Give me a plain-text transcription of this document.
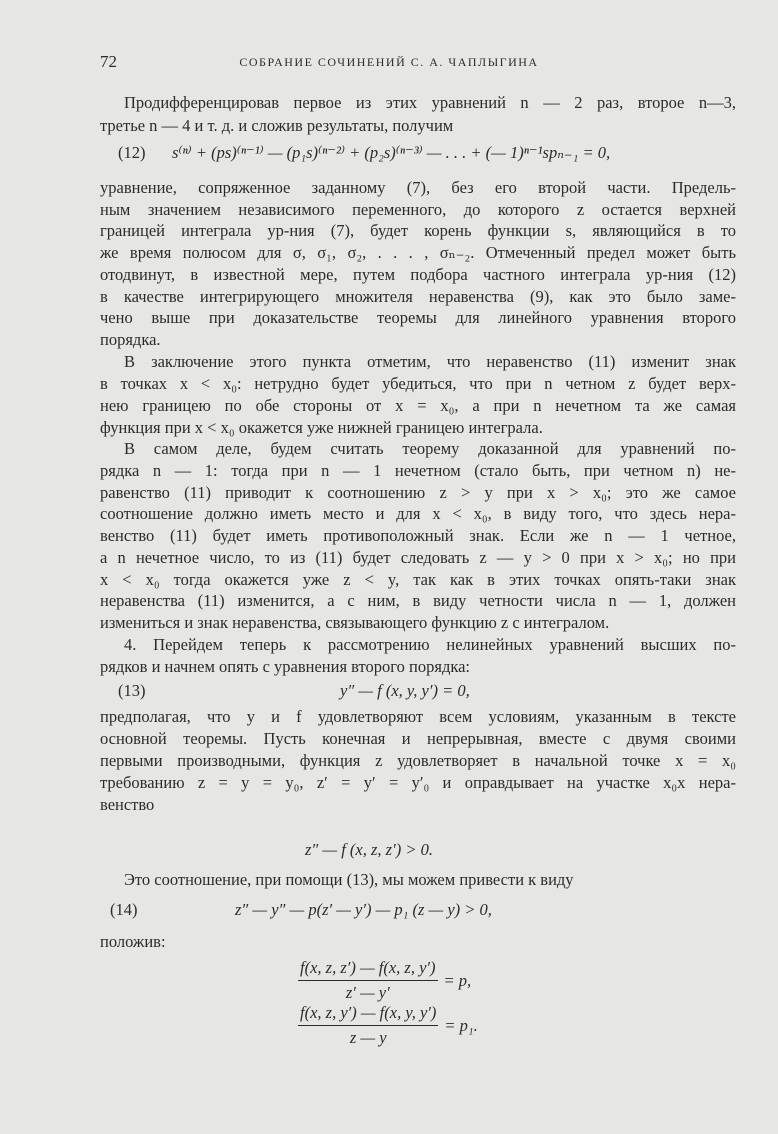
72	СОБРАНИЕ СОЧИНЕНИЙ С. А. ЧАПЛЫГИНА
Продифференцировав первое из этих уравнений n — 2 раз, второе n—3,
третье n — 4 и т. д. и сложив результаты, получим
(12) s⁽ⁿ⁾ + (ps)⁽ⁿ⁻¹⁾ — (p₁s)⁽ⁿ⁻²⁾ + (p₂s)⁽ⁿ⁻³⁾ — . . . + (— 1)ⁿ⁻¹spₙ₋₁ = 0,
уравнение, сопряженное заданному (7), без его второй части. Предель-
ным значением независимого переменного, до которого z остается верхней
границей интеграла ур-ния (7), будет корень функции s, являющийся в то
же время полюсом для σ, σ₁, σ₂, . . . , σₙ₋₂. Отмеченный предел может быть
отодвинут, в известной мере, путем подбора частного интеграла ур-ния (12)
в качестве интегрирующего множителя неравенства (9), как это было заме-
чено выше при доказательстве теоремы для линейного уравнения второго
порядка.
В заключение этого пункта отметим, что неравенство (11) изменит знак
в точках x < x₀: нетрудно будет убедиться, что при n четном z будет верх-
нею границею по обе стороны от x = x₀, а при n нечетном та же самая
функция при x < x₀ окажется уже нижней границею интеграла.
В самом деле, будем считать теорему доказанной для уравнений по-
рядка n — 1: тогда при n — 1 нечетном (стало быть, при четном n) не-
равенство (11) приводит к соотношению z > y при x > x₀; это же самое
соотношение должно иметь место и для x < x₀, в виду того, что здесь нера-
венство (11) будет иметь противоположный знак. Если же n — 1 четное,
а n нечетное число, то из (11) будет следовать z — y > 0 при x > x₀; но при
x < x₀ тогда окажется уже z < y, так как в этих точках опять-таки знак
неравенства (11) изменится, а с ним, в виду четности числа n — 1, должен
измениться и знак неравенства, связывающего функцию z с интегралом.
4. Перейдем теперь к рассмотрению нелинейных уравнений высших по-
рядков и начнем опять с уравнения второго порядка:
(13)	y″ — f (x, y, y′) = 0,
предполагая, что y и f удовлетворяют всем условиям, указанным в тексте
основной теоремы. Пусть конечная и непрерывная, вместе с двумя своими
первыми производными, функция z удовлетворяет в начальной точке x = x₀
требованию z = y = y₀, z′ = y′ = y′₀ и оправдывает на участке x₀x нера-
венство
z″ — f (x, z, z′) > 0.
Это соотношение, при помощи (13), мы можем привести к виду
(14)	z″ — y″ — p(z′ — y′) — p₁ (z — y) > 0,
положив:
$\frac{f(x, z, z') — f(x, z, y')}{z' — y'} = p$,
$\frac{f(x, z, y') — f(x, y, y')}{z — y} = p_1$.
